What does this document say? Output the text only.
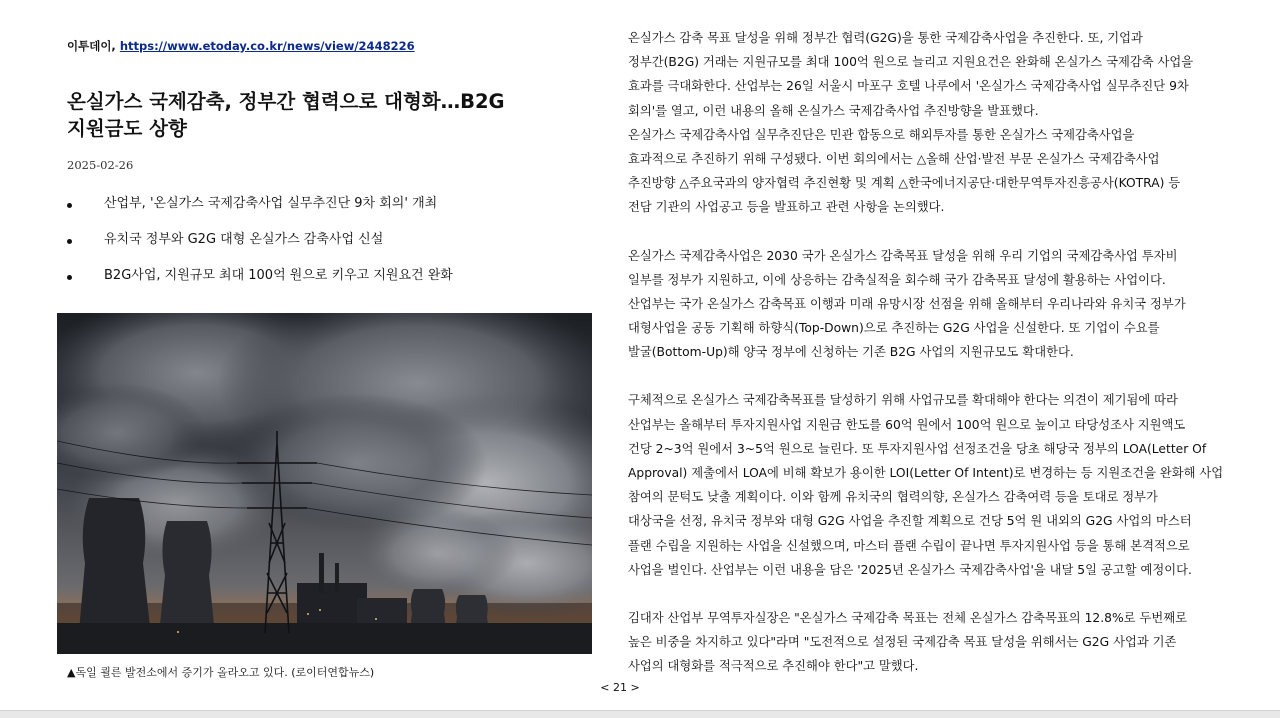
이투데이, https://www.etoday.co.kr/news/view/2448226
온실가스 국제감축, 정부간 협력으로 대형화…B2G
지원금도 상향
2025-02-26
산업부, '온실가스 국제감축사업 실무추진단 9차 회의' 개최
유치국 정부와 G2G 대형 온실가스 감축사업 신설
B2G사업, 지원규모 최대 100억 원으로 키우고 지원요건 완화
▲독일 쾰른 발전소에서 증기가 올라오고 있다. (로이터연합뉴스)

온실가스 감축 목표 달성을 위해 정부간 협력(G2G)을 통한 국제감축사업을 추진한다. 또, 기업과
정부간(B2G) 거래는 지원규모를 최대 100억 원으로 늘리고 지원요건은 완화해 온실가스 국제감축 사업을
효과를 극대화한다. 산업부는 26일 서울시 마포구 호텔 나루에서 '온실가스 국제감축사업 실무추진단 9차
회의'를 열고, 이런 내용의 올해 온실가스 국제감축사업 추진방향을 발표했다.
온실가스 국제감축사업 실무추진단은 민관 합동으로 해외투자를 통한 온실가스 국제감축사업을
효과적으로 추진하기 위해 구성됐다. 이번 회의에서는 △올해 산업·발전 부문 온실가스 국제감축사업
추진방향 △주요국과의 양자협력 추진현황 및 계획 △한국에너지공단·대한무역투자진흥공사(KOTRA) 등
전담 기관의 사업공고 등을 발표하고 관련 사항을 논의했다.

온실가스 국제감축사업은 2030 국가 온실가스 감축목표 달성을 위해 우리 기업의 국제감축사업 투자비
일부를 정부가 지원하고, 이에 상응하는 감축실적을 회수해 국가 감축목표 달성에 활용하는 사업이다.
산업부는 국가 온실가스 감축목표 이행과 미래 유망시장 선점을 위해 올해부터 우리나라와 유치국 정부가
대형사업을 공동 기획해 하향식(Top-Down)으로 추진하는 G2G 사업을 신설한다. 또 기업이 수요를
발굴(Bottom-Up)해 양국 정부에 신청하는 기존 B2G 사업의 지원규모도 확대한다.

구체적으로 온실가스 국제감축목표를 달성하기 위해 사업규모를 확대해야 한다는 의견이 제기됨에 따라
산업부는 올해부터 투자지원사업 지원금 한도를 60억 원에서 100억 원으로 높이고 타당성조사 지원액도
건당 2~3억 원에서 3~5억 원으로 늘린다. 또 투자지원사업 선정조건을 당초 해당국 정부의 LOA(Letter Of
Approval) 제출에서 LOA에 비해 확보가 용이한 LOI(Letter Of Intent)로 변경하는 등 지원조건을 완화해 사업
참여의 문턱도 낮출 계획이다. 이와 함께 유치국의 협력의향, 온실가스 감축여력 등을 토대로 정부가
대상국을 선정, 유치국 정부와 대형 G2G 사업을 추진할 계획으로 건당 5억 원 내외의 G2G 사업의 마스터
플랜 수립을 지원하는 사업을 신설했으며, 마스터 플랜 수립이 끝나면 투자지원사업 등을 통해 본격적으로
사업을 벌인다. 산업부는 이런 내용을 담은 '2025년 온실가스 국제감축사업'을 내달 5일 공고할 예정이다.

김대자 산업부 무역투자실장은 "온실가스 국제감축 목표는 전체 온실가스 감축목표의 12.8%로 두번째로
높은 비중을 차지하고 있다"라며 "도전적으로 설정된 국제감축 목표 달성을 위해서는 G2G 사업과 기존
사업의 대형화를 적극적으로 추진해야 한다"고 말했다.

< 21 >
